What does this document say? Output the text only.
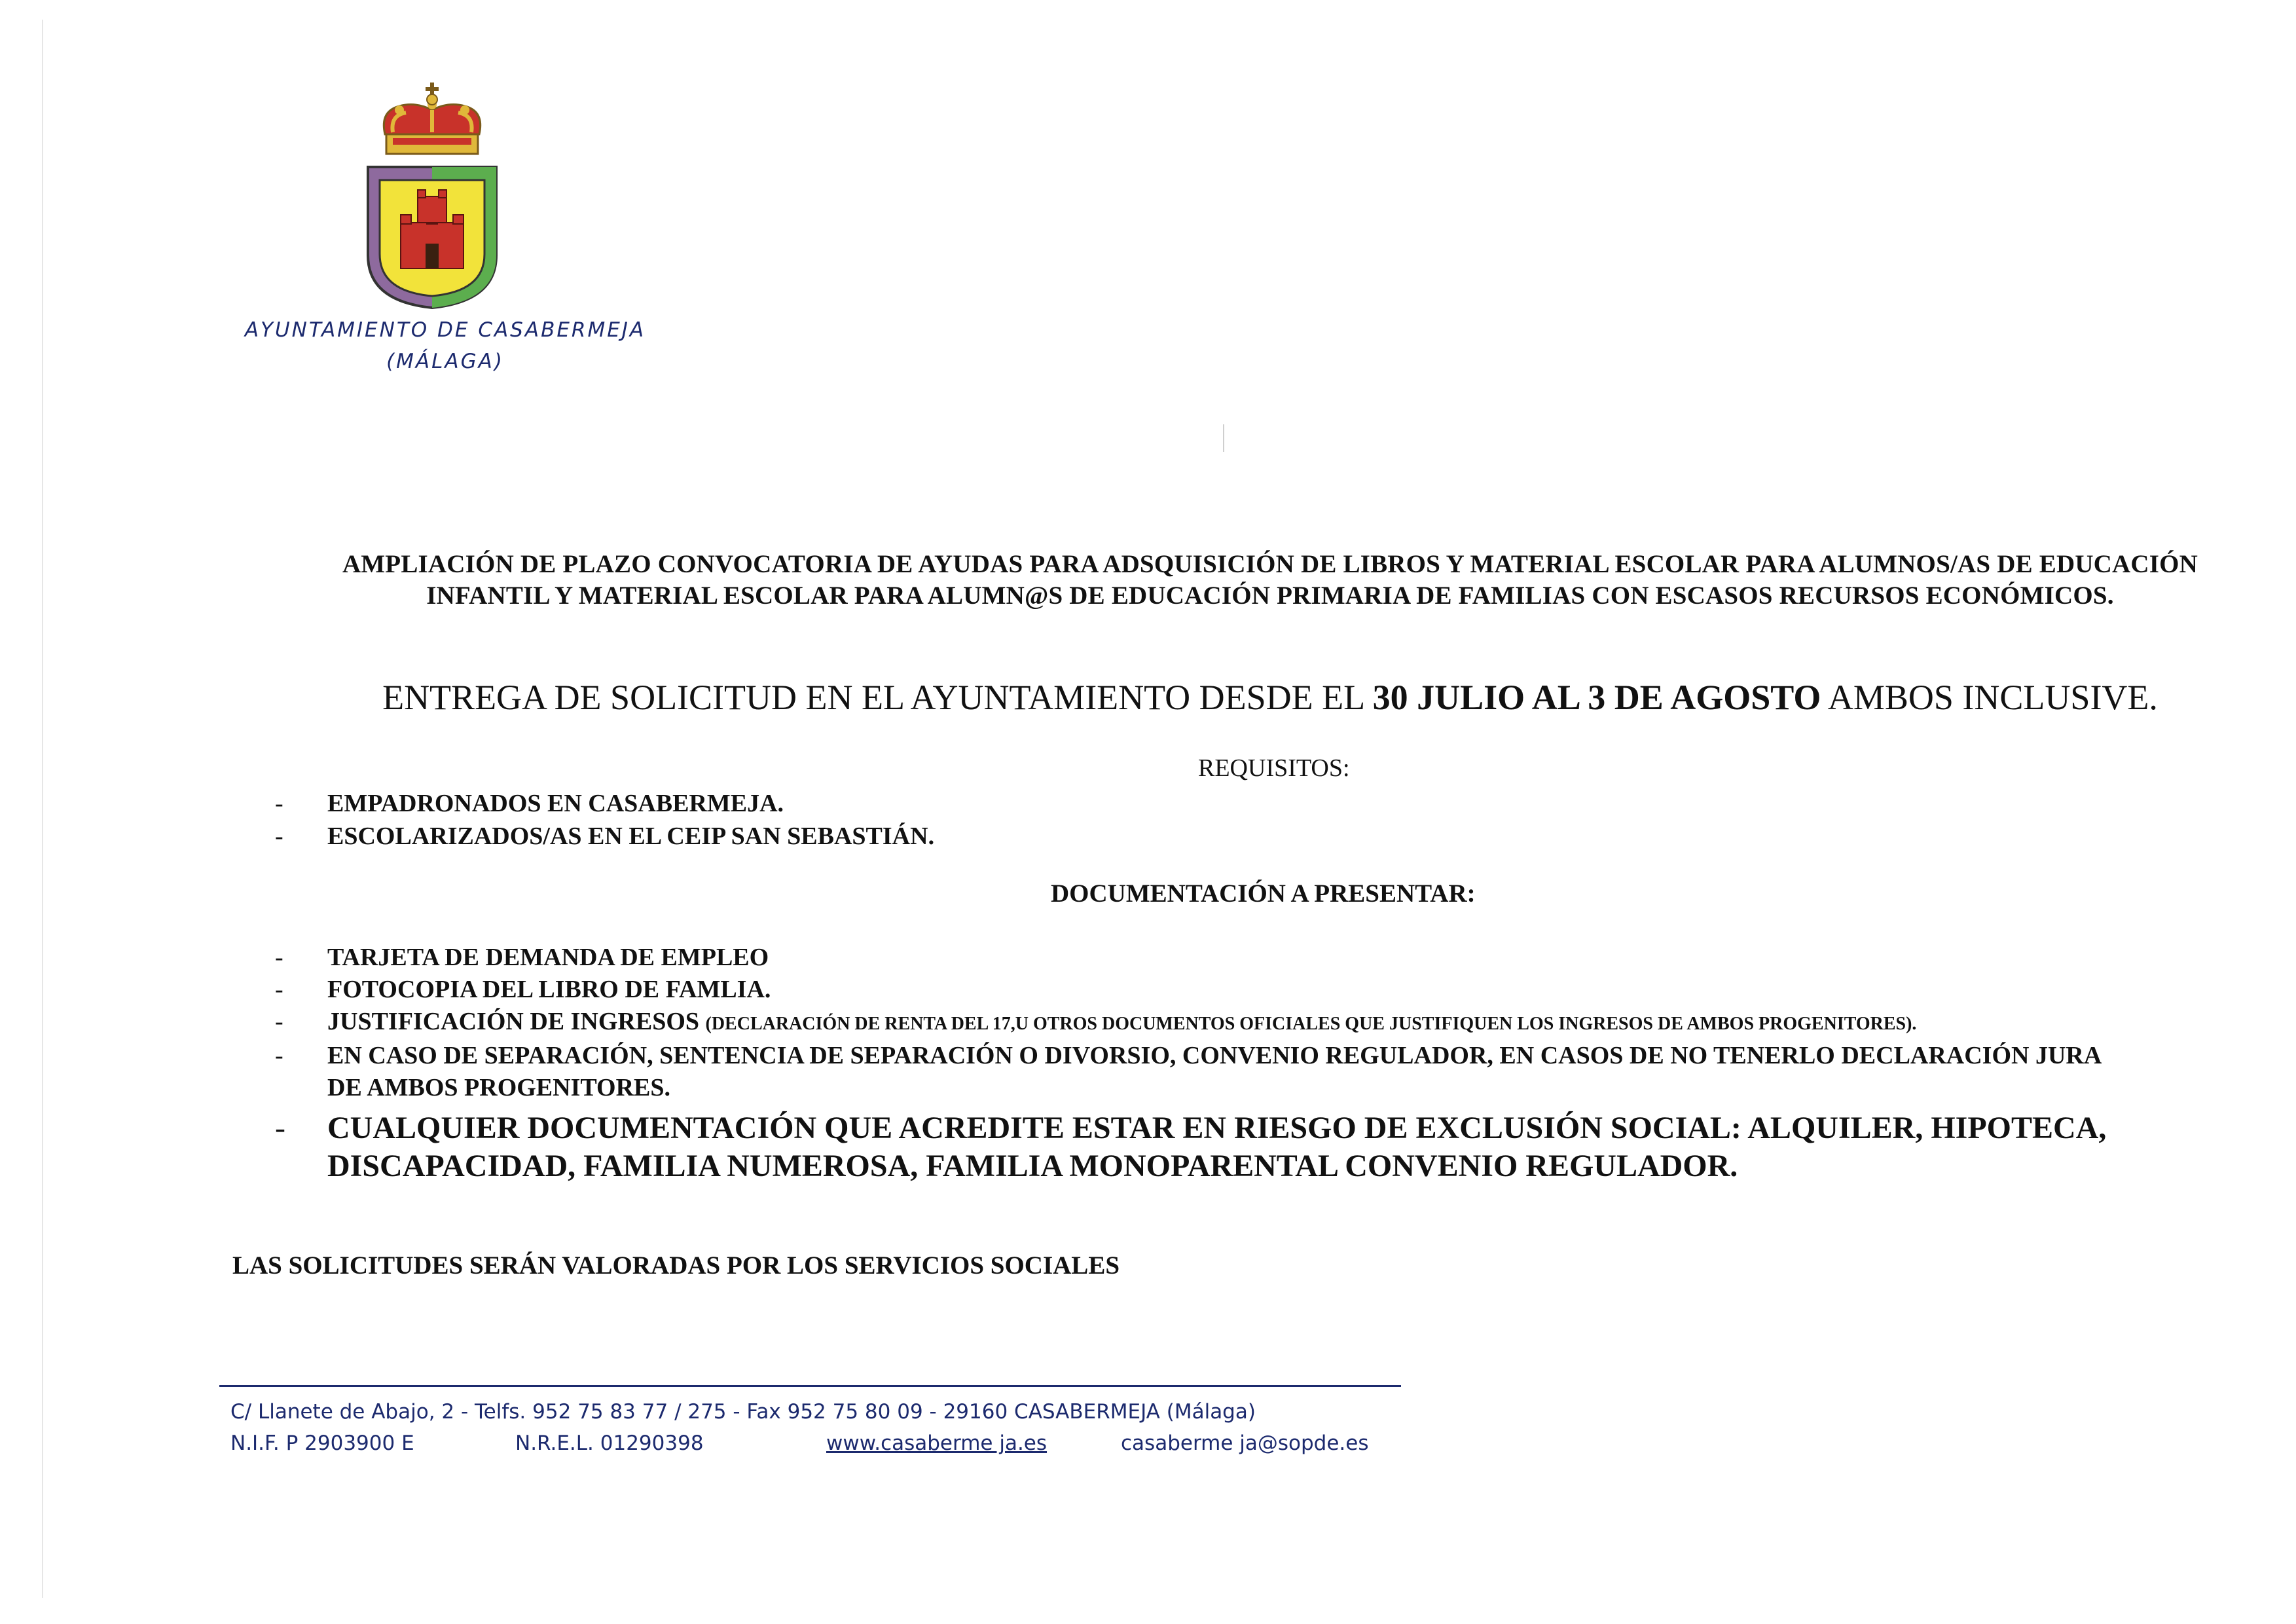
AYUNTAMIENTO DE CASABERMEJA
(MÁLAGA)
AMPLIACIÓN DE PLAZO CONVOCATORIA DE AYUDAS PARA ADSQUISICIÓN DE LIBROS Y MATERIAL ESCOLAR PARA ALUMNOS/AS DE EDUCACIÓN
INFANTIL Y MATERIAL ESCOLAR PARA ALUMN@S DE EDUCACIÓN PRIMARIA DE FAMILIAS CON ESCASOS RECURSOS ECONÓMICOS.
ENTREGA DE SOLICITUD EN EL AYUNTAMIENTO DESDE EL 30 JULIO AL 3 DE AGOSTO AMBOS INCLUSIVE.
REQUISITOS:
- EMPADRONADOS EN CASABERMEJA.
- ESCOLARIZADOS/AS EN EL CEIP SAN SEBASTIÁN.
DOCUMENTACIÓN A PRESENTAR:
- TARJETA DE DEMANDA DE EMPLEO
- FOTOCOPIA DEL LIBRO DE FAMLIA.
- JUSTIFICACIÓN DE INGRESOS (DECLARACIÓN DE RENTA DEL 17,U OTROS DOCUMENTOS OFICIALES QUE JUSTIFIQUEN LOS INGRESOS DE AMBOS PROGENITORES).
- EN CASO DE SEPARACIÓN, SENTENCIA DE SEPARACIÓN O DIVORSIO, CONVENIO REGULADOR, EN CASOS DE NO TENERLO DECLARACIÓN JURA
DE AMBOS PROGENITORES.
- CUALQUIER DOCUMENTACIÓN QUE ACREDITE ESTAR EN RIESGO DE EXCLUSIÓN SOCIAL: ALQUILER, HIPOTECA,
DISCAPACIDAD, FAMILIA NUMEROSA, FAMILIA MONOPARENTAL CONVENIO REGULADOR.
LAS SOLICITUDES SERÁN VALORADAS POR LOS SERVICIOS SOCIALES
C/ Llanete de Abajo, 2 - Telfs. 952 75 83 77 / 275 - Fax 952 75 80 09 - 29160 CASABERMEJA (Málaga)
N.I.F. P 2903900 E	N.R.E.L. 01290398	www.casaberme ja.es	casaberme ja@sopde.es
